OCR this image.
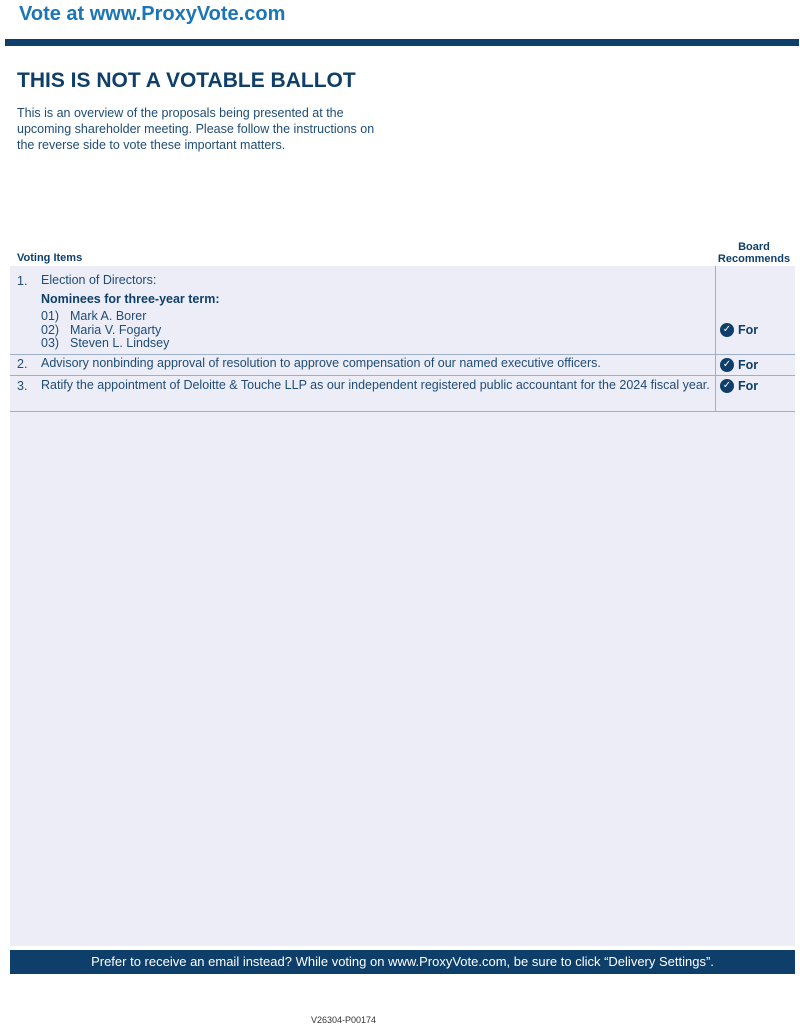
Vote at www.ProxyVote.com
THIS IS NOT A VOTABLE BALLOT
This is an overview of the proposals being presented at the
upcoming shareholder meeting. Please follow the instructions on
the reverse side to vote these important matters.
Voting Items
Board
Recommends
1. Election of Directors:
Nominees for three-year term:
01) Mark A. Borer
02) Maria V. Fogarty
03) Steven L. Lindsey
✓ For
2. Advisory nonbinding approval of resolution to approve compensation of our named executive officers.	✓ For
3. Ratify the appointment of Deloitte & Touche LLP as our independent registered public accountant for the 2024 fiscal year. ✓ For
Prefer to receive an email instead? While voting on www.ProxyVote.com, be sure to click “Delivery Settings”.
V26304-P00174
